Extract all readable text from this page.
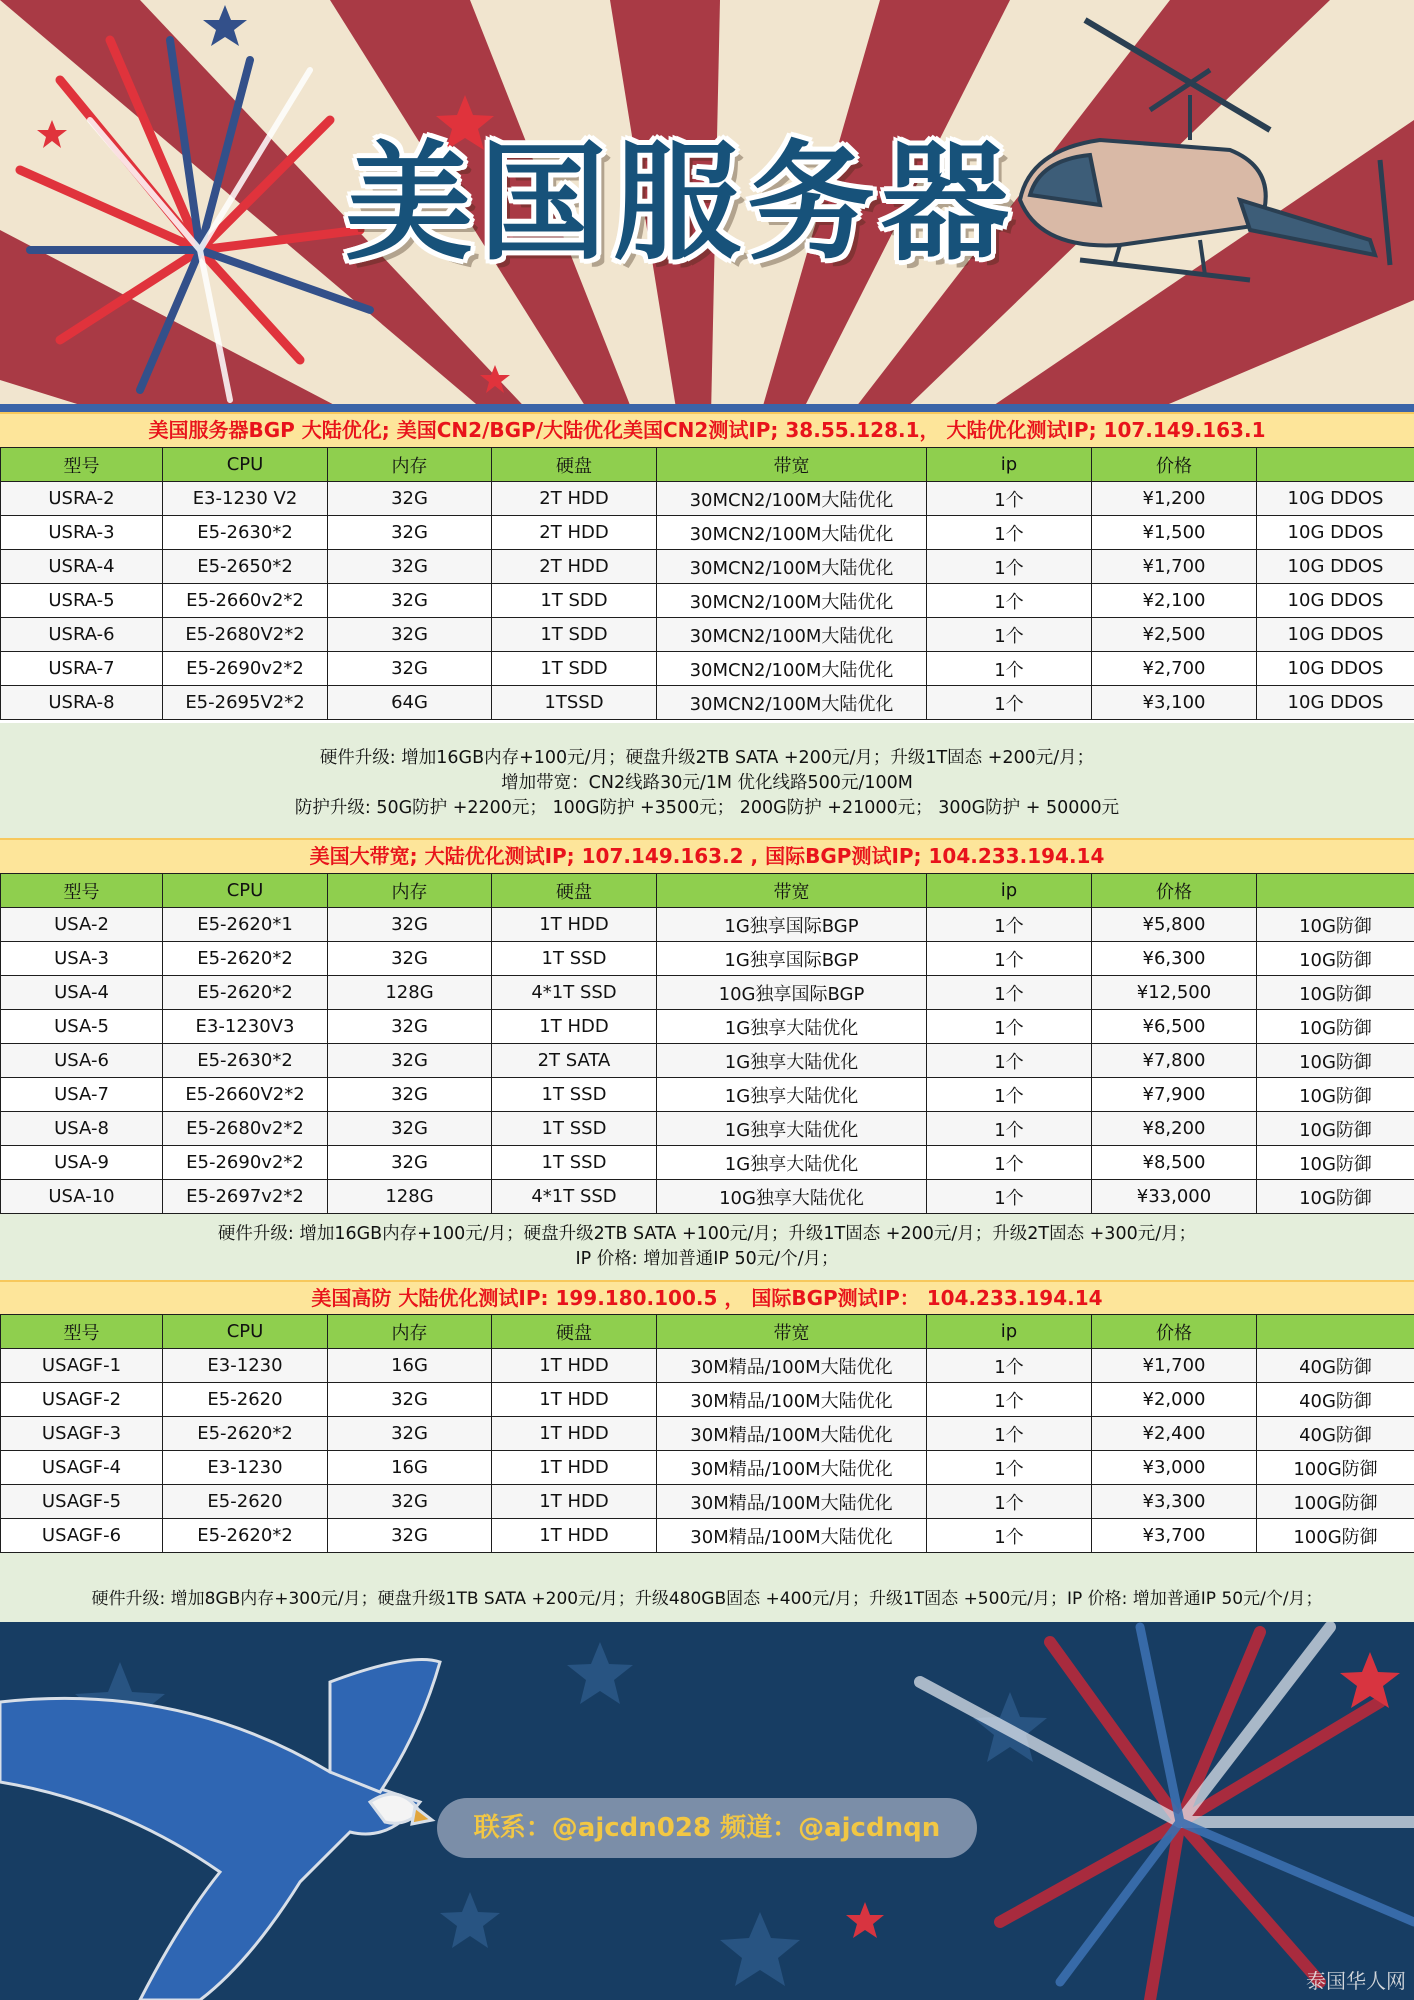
美国服务器
美国服务器BGP 大陆优化; 美国CN2/BGP/大陆优化美国CN2测试IP; 38.55.128.1， 大陆优化测试IP; 107.149.163.1
型号	CPU	内存	硬盘	带宽	ip	价格	
USRA-2	E3-1230 V2	32G	2T HDD	30MCN2/100M大陆优化	1个	¥1,200	10G DDOS
USRA-3	E5-2630*2	32G	2T HDD	30MCN2/100M大陆优化	1个	¥1,500	10G DDOS
USRA-4	E5-2650*2	32G	2T HDD	30MCN2/100M大陆优化	1个	¥1,700	10G DDOS
USRA-5	E5-2660v2*2	32G	1T SDD	30MCN2/100M大陆优化	1个	¥2,100	10G DDOS
USRA-6	E5-2680V2*2	32G	1T SDD	30MCN2/100M大陆优化	1个	¥2,500	10G DDOS
USRA-7	E5-2690v2*2	32G	1T SDD	30MCN2/100M大陆优化	1个	¥2,700	10G DDOS
USRA-8	E5-2695V2*2	64G	1TSSD	30MCN2/100M大陆优化	1个	¥3,100	10G DDOS
硬件升级: 增加16GB内存+100元/月；硬盘升级2TB SATA +200元/月；升级1T固态 +200元/月；
增加带宽：CN2线路30元/1M 优化线路500元/100M
防护升级: 50G防护 +2200元； 100G防护 +3500元； 200G防护 +21000元； 300G防护 + 50000元
美国大带宽; 大陆优化测试IP; 107.149.163.2 , 国际BGP测试IP; 104.233.194.14
型号	CPU	内存	硬盘	带宽	ip	价格	
USA-2	E5-2620*1	32G	1T HDD	1G独享国际BGP	1个	¥5,800	10G防御
USA-3	E5-2620*2	32G	1T SSD	1G独享国际BGP	1个	¥6,300	10G防御
USA-4	E5-2620*2	128G	4*1T SSD	10G独享国际BGP	1个	¥12,500	10G防御
USA-5	E3-1230V3	32G	1T HDD	1G独享大陆优化	1个	¥6,500	10G防御
USA-6	E5-2630*2	32G	2T SATA	1G独享大陆优化	1个	¥7,800	10G防御
USA-7	E5-2660V2*2	32G	1T SSD	1G独享大陆优化	1个	¥7,900	10G防御
USA-8	E5-2680v2*2	32G	1T SSD	1G独享大陆优化	1个	¥8,200	10G防御
USA-9	E5-2690v2*2	32G	1T SSD	1G独享大陆优化	1个	¥8,500	10G防御
USA-10	E5-2697v2*2	128G	4*1T SSD	10G独享大陆优化	1个	¥33,000	10G防御
硬件升级: 增加16GB内存+100元/月；硬盘升级2TB SATA +100元/月；升级1T固态 +200元/月；升级2T固态 +300元/月；
IP 价格: 增加普通IP 50元/个/月；
美国高防 大陆优化测试IP: 199.180.100.5 ， 国际BGP测试IP： 104.233.194.14
型号	CPU	内存	硬盘	带宽	ip	价格	
USAGF-1	E3-1230	16G	1T HDD	30M精品/100M大陆优化	1个	¥1,700	40G防御
USAGF-2	E5-2620	32G	1T HDD	30M精品/100M大陆优化	1个	¥2,000	40G防御
USAGF-3	E5-2620*2	32G	1T HDD	30M精品/100M大陆优化	1个	¥2,400	40G防御
USAGF-4	E3-1230	16G	1T HDD	30M精品/100M大陆优化	1个	¥3,000	100G防御
USAGF-5	E5-2620	32G	1T HDD	30M精品/100M大陆优化	1个	¥3,300	100G防御
USAGF-6	E5-2620*2	32G	1T HDD	30M精品/100M大陆优化	1个	¥3,700	100G防御
硬件升级: 增加8GB内存+300元/月；硬盘升级1TB SATA +200元/月；升级480GB固态 +400元/月；升级1T固态 +500元/月；IP 价格: 增加普通IP 50元/个/月；
联系：@ajcdn028 频道：@ajcdnqn
泰国华人网
